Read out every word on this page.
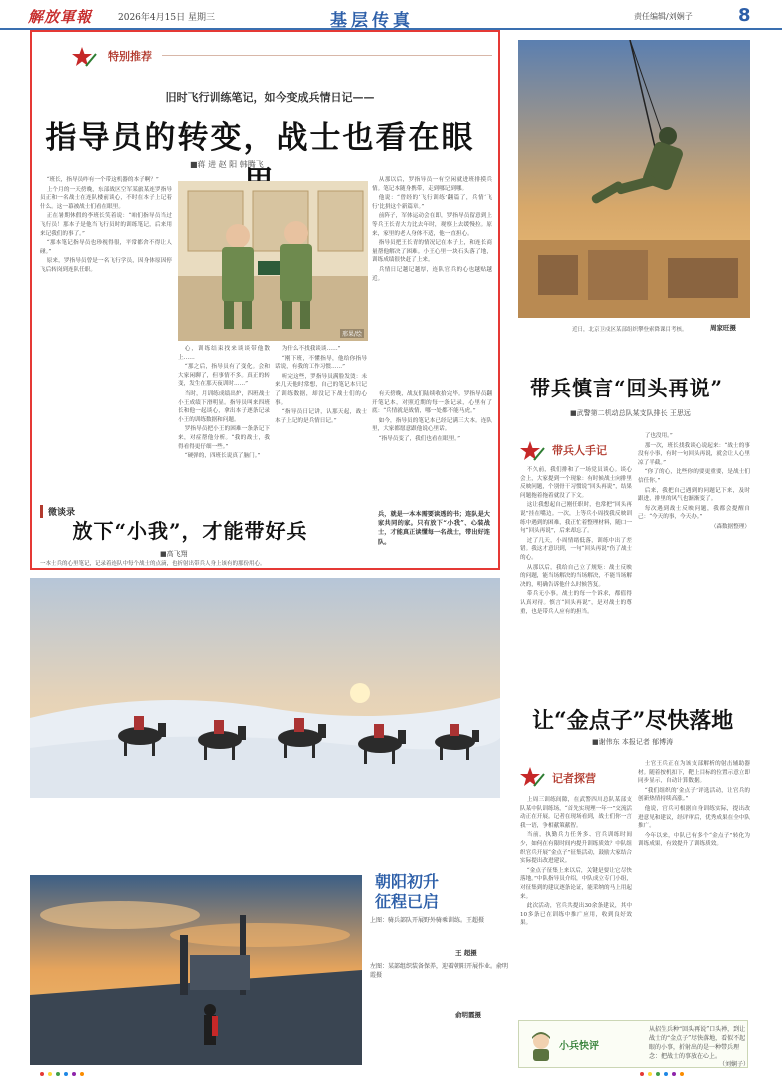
解放軍報	2026年4月15日 星期三	基层传真	责任编辑/刘娴子	8
特别推荐
旧时飞行训练笔记，如今变成兵情日记——
指导员的转变，战士也看在眼
■蒋 进 赵 阳 韩腾飞

“班长，指导员咋有一个带这机器的本子啊？”

上个月的一天傍晚，东部战区空军某旅某连罗指导员正和一名战士在连队楼前谈心，不时在本子上记着什么。这一幕被战士们看在眼里。

正在暑期休假的李班长笑着说：“咱们指导员当过飞行员！那本子是他当飞行员时的训练笔记，后来用来记我们的事了。”

“那本笔记指导员也珍视得很，平常都舍不得让人碰。”

原来，罗指导员曾是一名飞行学员，因身体原因停飞后转岗到连队任职。

邢果/绘

心，训练结束找来谈谈带他散上……

“那之后，指导员有了变化。会和大家闲聊了，但事情不多。真正的转变，发生在那天夜训时……”

当时，月训练成绩出炉，四班战士小王成绩下滑明显。指导员叫来四班长和他一起谈心，拿出本子逐条记录小王的训练数据和问题。

罗指导员把小王的困难一条条记下来，对症帮他分析。“我的战士，我得看得更仔细一些。”

“硬弹的，四班长说真了脑门。”

为什么不找我谈谈……”

“刚下班，不懂指导，他给你指导话说，有我的工作习惯……”

听完这些，罗指导员满脸发烫：未来几天他时常想，自己的笔记本只记了训练数据，却没记下战士们的心事。

“指导员日记讲，认那天起，战士本子上记的是兵情日记。”

从那以后，罗指导员一有空闲就进班排摸兵情。笔记本随身携带，走到哪记到哪。

他说：“曾经的‘飞行训练’翻篇了，兵情‘飞行’比拼这个新篇章。”

前阵子，军体运动会在即，罗指导员留意到上等兵王长青大力比去年时，观察上去缓慢拉。原来，家里的老人身体不适，他一直担心。

指导员把王长青的情况记在本子上，和连长商量帮他解决了困难。小王心里一块石头落了地，训练成绩很快赶了上来。

兵情日记越记越厚，连队官兵的心也越贴越近。

有天傍晚，战友们陆续收拾完毕。罗指导员翻开笔记本，对照近期的每一条记录，心里有了底：“兵情就是战情，哪一处都不能马虎。”

如今，指导员的笔记本已经记满三大本。连队里，大家都愿意跟他说心里话。

“指导员变了，我们也看在眼里。”

微谈录
放下“小我”，才能带好兵
■高飞翔
一本士兵的心里笔记，记录着连队中每个战士的点滴，也折射出带兵人身上该有的那份用心。
兵，就是一本本需要读透的书；连队是大家共同的家。只有放下“小我”、心装战士，才能真正读懂每一名战士，带出好连队。
近日，北京卫戍区某部组织攀登索降课目考核。	周家旺摄
带兵慎言“回头再说”
■武警第二机动总队某支队排长 王思远
带兵人手记

不久前，我们排和了一场党员谈心。谈心会上，大家提到一个现象：有时候战士向排里反映问题，个别骨干习惯说“回头再说”，结果问题拖着拖着就没了下文。

这让我想起自己刚任职时，也常把“回头再说”挂在嘴边。一次，上等兵小周找我反映训练中遇到的困难，我正忙着整理材料，随口一句“回头再说”，后来却忘了。

过了几天，小周情绪低落，训练中出了差错。我这才意识到，一句“回头再说”伤了战士的心。

从那以后，我给自己立了规矩：战士反映的问题，能当场解决的当场解决，不能当场解决的，明确告诉他什么时候答复。

带兵无小事。战士的每一个诉求，都值得认真对待。慎言“回头再说”，是对战士的尊重，也是带兵人应有的担当。

了也没用。”

那一次，班长找我谈心说起来：“战士的事没有小事，有时一句回头再说，就会让人心里凉了半截。”

“你了的心，比些你的要更重要，是战士们信任你。”

后来，我把自己遇到的问题记下来，及时跟进，排里的风气也渐渐变了。

每次遇到战士反映问题，我都会提醒自己：“今天的事，今天办。”

（森数据整理）

让“金点子”尽快落地
■谢伟东 本报记者 郁博涛
记者探营

上周三训练间隙，在武警四川总队某部支队某中队训练场，“首先实现理一年一”交流活动正在开展。记者在现场看到，战士们你一言我一语，争相献策献智。

当前，执勤兵力任务多、官兵训练时间少，如何在有限时间内提升训练质效？中队组织官兵开展“金点子”征集活动，鼓励大家结合实际提出改进建议。

“金点子征集上来以后，关键是要让它尽快落地。”中队指导员介绍，中队成立专门小组，对征集到的建议逐条论证，能采纳的马上用起来。

此次活动，官兵共提出30余条建议，其中10多条已在训练中推广应用，收到良好效果。

士官王兵正在为该支部解析的射击辅助器材。随着按机扣下，靶上目标的位置示意立即同步显示，自动计算数据。

“我们组织的‘金点子’评选活动，让官兵的创新热情持续高涨。”

他说，官兵可根据自身训练实际，提出改进意见和建议，经评审后，优秀成果在全中队推广。

今年以来，中队已有多个“金点子”转化为训练成果，有效提升了训练质效。

朝阳初升
征程已启
上图：骑兵部队开展野外骑乘训练。王超摄
王 超摄
左图：某部组织装备保养，迎着朝阳开展作业。俞明霞摄
俞明霞摄
小兵快评
从招生兵种“回头再说”口头禅，到让战士的“金点子”尽快落地，看似不起眼的小事，折射出的是一种带兵理念：把战士的事放在心上。
（刘娴子）
